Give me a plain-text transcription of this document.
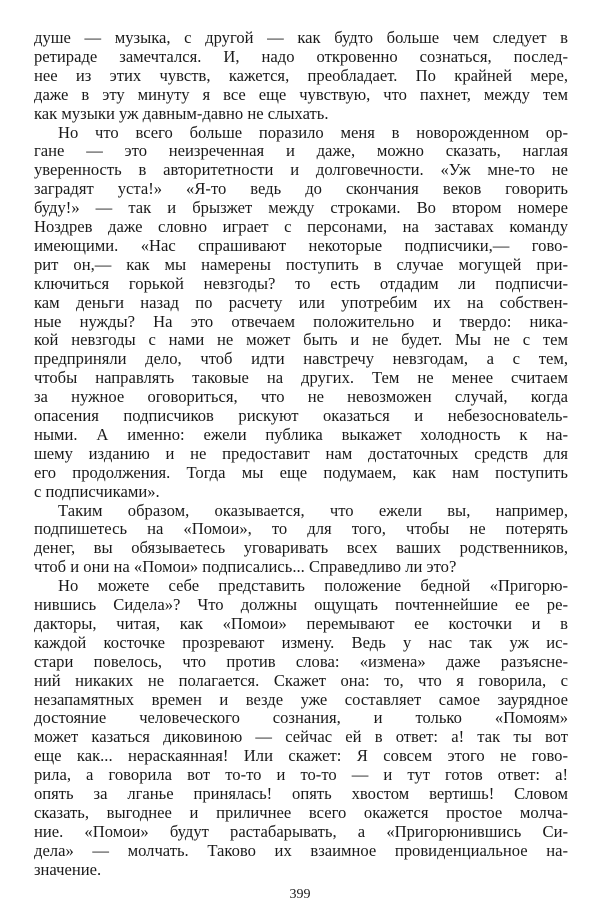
душе — музыка, с другой — как будто больше чем следует в
ретираде замечтался. И, надо откровенно сознаться, послед-
нее из этих чувств, кажется, преобладает. По крайней мере,
даже в эту минуту я все еще чувствую, что пахнет, между тем
как музыки уж давным-давно не слыхать.
Но что всего больше поразило меня в новорожденном ор-
гане — это неизреченная и даже, можно сказать, наглая
уверенность в авторитетности и долговечности. «Уж мне-то не
заградят уста!» «Я-то ведь до скончания веков говорить
буду!» — так и брызжет между строками. Во втором номере
Ноздрев даже словно играет с персонами, на заставах команду
имеющими. «Нас спрашивают некоторые подписчики,— гово-
рит он,— как мы намерены поступить в случае могущей при-
ключиться горькой невзгоды? то есть отдадим ли подписчи-
кам деньги назад по расчету или употребим их на собствен-
ные нужды? На это отвечаем положительно и твердо: ника-
кой невзгоды с нами не может быть и не будет. Мы не с тем
предприняли дело, чтоб идти навстречу невзгодам, а с тем,
чтобы направлять таковые на других. Тем не менее считаем
за нужное оговориться, что не невозможен случай, когда
опасения подписчиков рискуют оказаться и небезосновatель-
ными. А именно: ежели публика выкажет холодность к на-
шему изданию и не предоставит нам достаточных средств для
его продолжения. Тогда мы еще подумаем, как нам поступить
с подписчиками».
Таким образом, оказывается, что ежели вы, например,
подпишетесь на «Помои», то для того, чтобы не потерять
денег, вы обязываетесь уговаривать всех ваших родственников,
чтоб и они на «Помои» подписались... Справедливо ли это?
Но можете себе представить положение бедной «Пригорю-
нившись Сидела»? Что должны ощущать почтеннейшие ее ре-
дакторы, читая, как «Помои» перемывают ее косточки и в
каждой косточке прозревают измену. Ведь у нас так уж ис-
стари повелось, что против слова: «измена» даже разъясне-
ний никаких не полагается. Скажет она: то, что я говорила, с
незапамятных времен и везде уже составляет самое заурядное
достояние человеческого сознания, и только «Помоям»
может казаться диковиною — сейчас ей в ответ: а! так ты вот
еще как... нераскаянная! Или скажет: Я совсем этого не гово-
рила, а говорила вот то-то и то-то — и тут готов ответ: а!
опять за лганье принялась! опять хвостом вертишь! Словом
сказать, выгоднее и приличнее всего окажется простое молча-
ние. «Помои» будут растабарывать, а «Пригорюнившись Си-
дела» — молчать. Таково их взаимное провиденциальное на-
значение.
399
